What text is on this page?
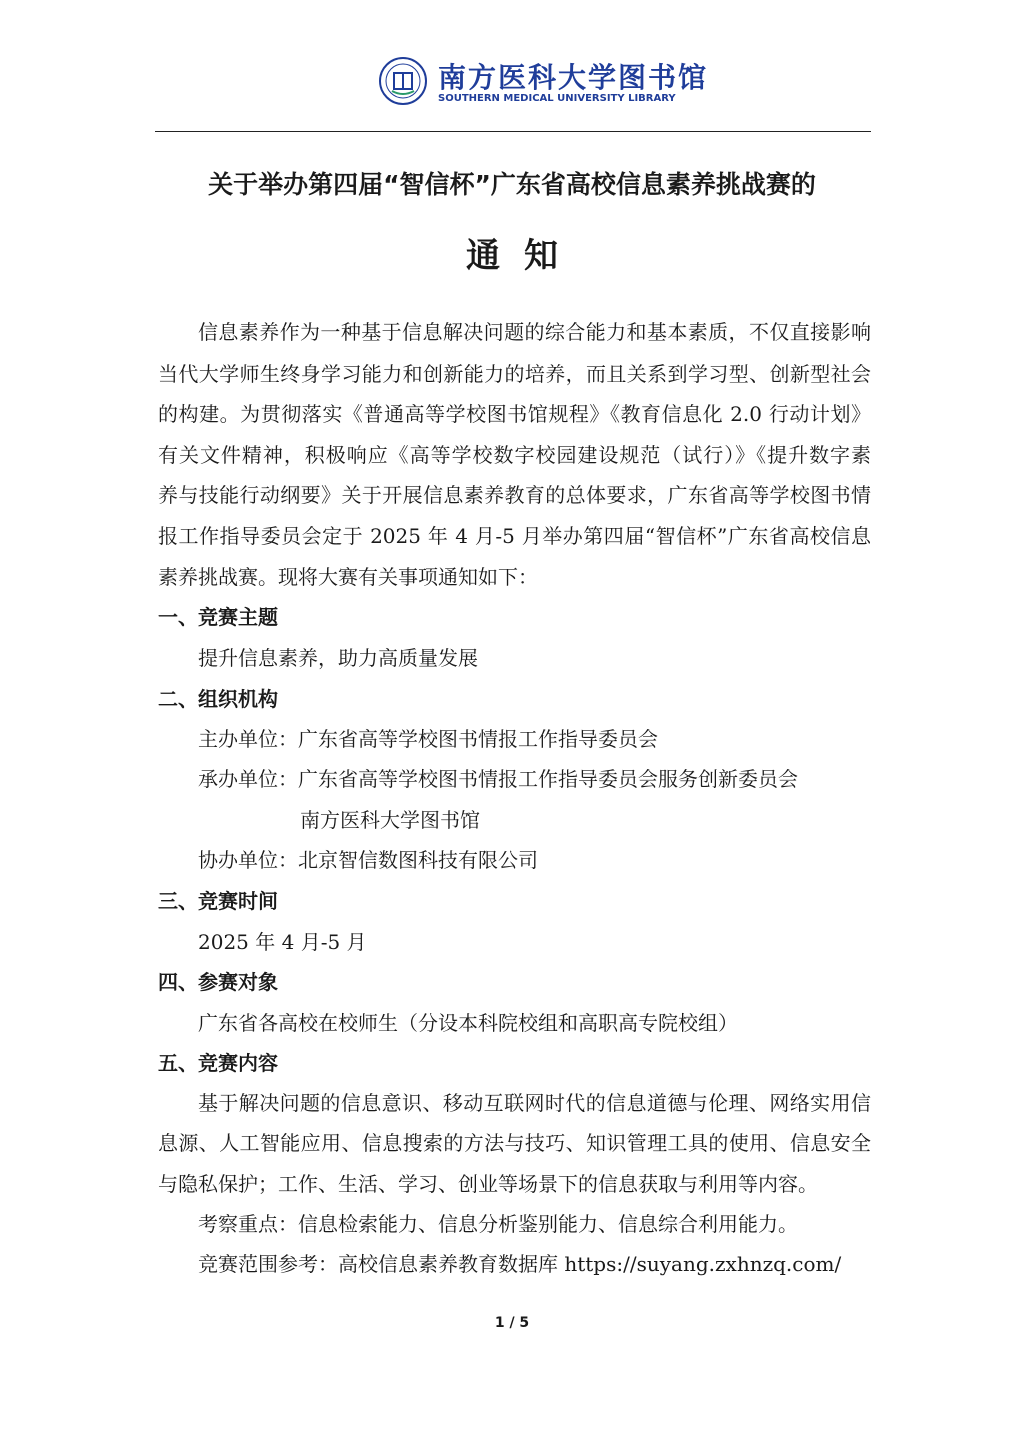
南方医科大学图书馆
SOUTHERN MEDICAL UNIVERSITY LIBRARY
关于举办第四届“智信杯”广东省高校信息素养挑战赛的
通知
信息素养作为一种基于信息解决问题的综合能力和基本素质，不仅直接影响
当代大学师生终身学习能力和创新能力的培养，而且关系到学习型、创新型社会
的构建。为贯彻落实《普通高等学校图书馆规程》《教育信息化 2.0 行动计划》
有关文件精神，积极响应《高等学校数字校园建设规范（试行）》《提升数字素
养与技能行动纲要》关于开展信息素养教育的总体要求，广东省高等学校图书情
报工作指导委员会定于 2025 年 4 月-5 月举办第四届“智信杯”广东省高校信息
素养挑战赛。现将大赛有关事项通知如下：
一、竞赛主题
提升信息素养，助力高质量发展
二、组织机构
主办单位：广东省高等学校图书情报工作指导委员会
承办单位：广东省高等学校图书情报工作指导委员会服务创新委员会
南方医科大学图书馆
协办单位：北京智信数图科技有限公司
三、竞赛时间
2025 年 4 月-5 月
四、参赛对象
广东省各高校在校师生（分设本科院校组和高职高专院校组）
五、竞赛内容
基于解决问题的信息意识、移动互联网时代的信息道德与伦理、网络实用信
息源、人工智能应用、信息搜索的方法与技巧、知识管理工具的使用、信息安全
与隐私保护；工作、生活、学习、创业等场景下的信息获取与利用等内容。
考察重点：信息检索能力、信息分析鉴别能力、信息综合利用能力。
竞赛范围参考：高校信息素养教育数据库 https://suyang.zxhnzq.com/
1 / 5
